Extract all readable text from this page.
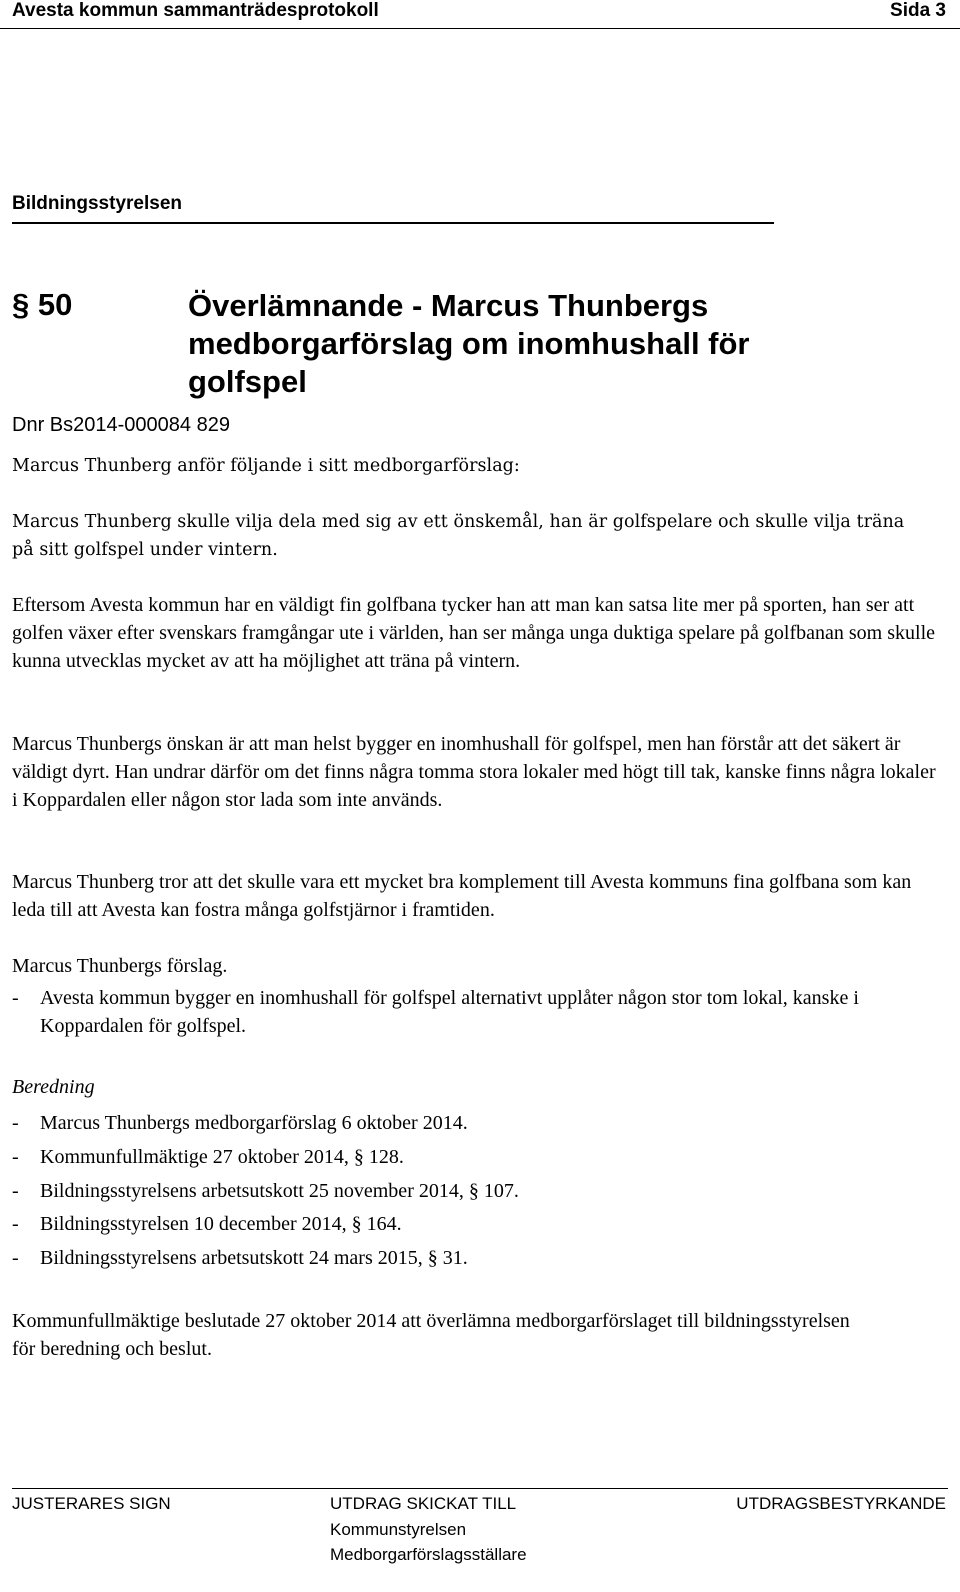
Avesta kommun sammanträdesprotokoll	Sida 3
Bildningsstyrelsen
§ 50	Överlämnande - Marcus Thunbergs medborgarförslag om inomhushall för golfspel
Dnr Bs2014-000084 829
Marcus Thunberg anför följande i sitt medborgarförslag:
Marcus Thunberg skulle vilja dela med sig av ett önskemål, han är golfspelare och skulle vilja träna på sitt golfspel under vintern.
Eftersom Avesta kommun har en väldigt fin golfbana tycker han att man kan satsa lite mer på sporten, han ser att golfen växer efter svenskars framgångar ute i världen, han ser många unga duktiga spelare på golfbanan som skulle kunna utvecklas mycket av att ha möjlighet att träna på vintern.
Marcus Thunbergs önskan är att man helst bygger en inomhushall för golfspel, men han förstår att det säkert är väldigt dyrt. Han undrar därför om det finns några tomma stora lokaler med högt till tak, kanske finns några lokaler i Koppardalen eller någon stor lada som inte används.
Marcus Thunberg tror att det skulle vara ett mycket bra komplement till Avesta kommuns fina golfbana som kan leda till att Avesta kan fostra många golfstjärnor i framtiden.
Marcus Thunbergs förslag.
- Avesta kommun bygger en inomhushall för golfspel alternativt upplåter någon stor tom lokal, kanske i Koppardalen för golfspel.
Beredning
- Marcus Thunbergs medborgarförslag 6 oktober 2014.
- Kommunfullmäktige 27 oktober 2014, § 128.
- Bildningsstyrelsens arbetsutskott 25 november 2014, § 107.
- Bildningsstyrelsen 10 december 2014, § 164.
- Bildningsstyrelsens arbetsutskott 24 mars 2015, § 31.
Kommunfullmäktige beslutade 27 oktober 2014 att överlämna medborgarförslaget till bildningsstyrelsen för beredning och beslut.
JUSTERARES SIGN	UTDRAG SKICKAT TILL
Kommunstyrelsen
Medborgarförslagsställare
UTDRAGSBESTYRKANDE
